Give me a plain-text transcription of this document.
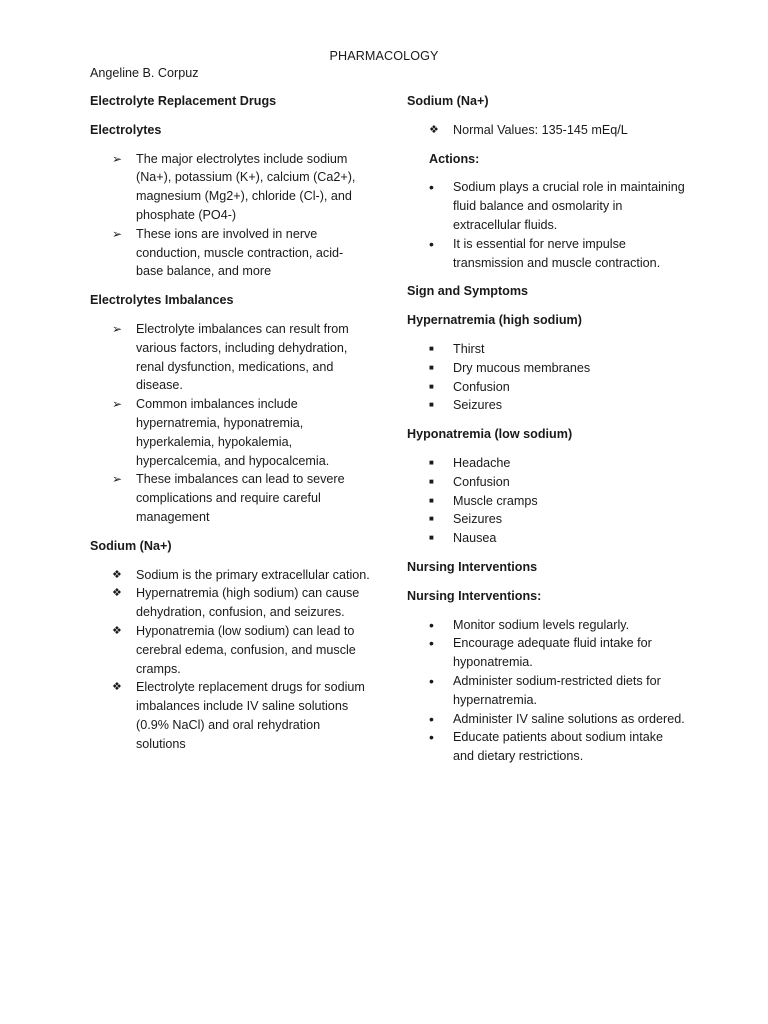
PHARMACOLOGY
Angeline B. Corpuz
Electrolyte Replacement Drugs
Electrolytes
➢	The major electrolytes include sodium (Na+), potassium (K+), calcium (Ca2+), magnesium (Mg2+), chloride (Cl-), and phosphate (PO4-)
➢	These ions are involved in nerve conduction, muscle contraction, acid-base balance, and more
Electrolytes Imbalances
➢	Electrolyte imbalances can result from various factors, including dehydration, renal dysfunction, medications, and disease.
➢	Common imbalances include hypernatremia, hyponatremia, hyperkalemia, hypokalemia, hypercalcemia, and hypocalcemia.
➢	These imbalances can lead to severe complications and require careful management
Sodium (Na+)
❖	Sodium is the primary extracellular cation.
❖	Hypernatremia (high sodium) can cause dehydration, confusion, and seizures.
❖	Hyponatremia (low sodium) can lead to cerebral edema, confusion, and muscle cramps.
❖	Electrolyte replacement drugs for sodium imbalances include IV saline solutions (0.9% NaCl) and oral rehydration solutions
Sodium (Na+)
❖	Normal Values: 135-145 mEq/L
Actions:
•	Sodium plays a crucial role in maintaining fluid balance and osmolarity in extracellular fluids.
•	It is essential for nerve impulse transmission and muscle contraction.
Sign and Symptoms
Hypernatremia (high sodium)
■	Thirst
■	Dry mucous membranes
■	Confusion
■	Seizures
Hyponatremia (low sodium)
■	Headache
■	Confusion
■	Muscle cramps
■	Seizures
■	Nausea
Nursing Interventions
Nursing Interventions:
•	Monitor sodium levels regularly.
•	Encourage adequate fluid intake for hyponatremia.
•	Administer sodium-restricted diets for hypernatremia.
•	Administer IV saline solutions as ordered.
•	Educate patients about sodium intake and dietary restrictions.
